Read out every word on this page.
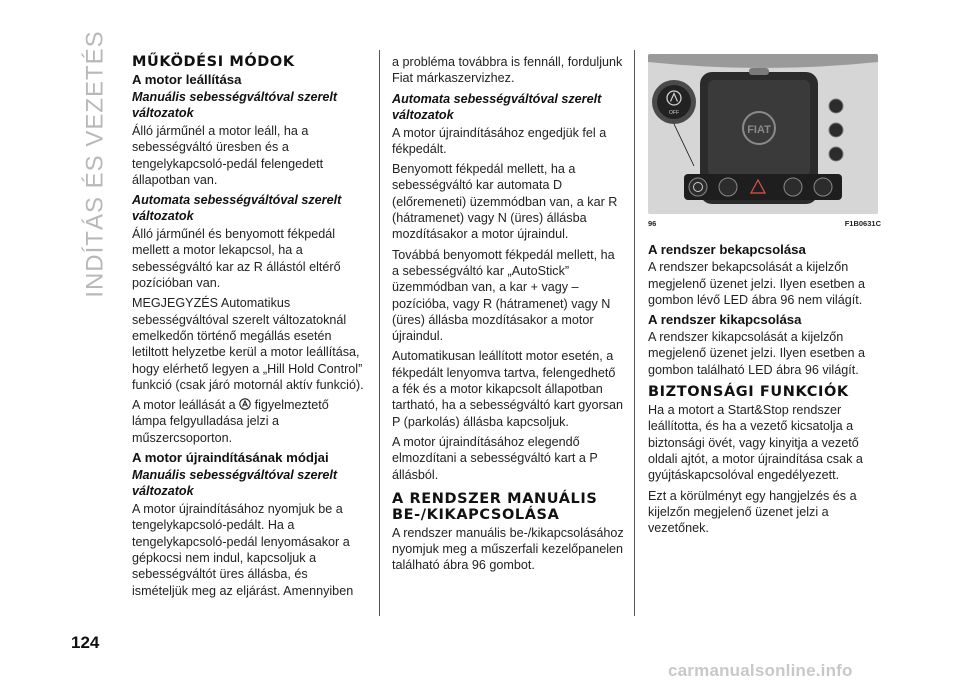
INDÍTÁS ÉS VEZETÉS MŰKÖDÉSI MÓDOK
A motor leállítása
Manuális sebességváltóval szerelt változatok

Álló járműnél a motor leáll, ha a sebességváltó üresben és a tengelykapcsoló-pedál felengedett állapotban van.

Automata sebességváltóval szerelt változatok

Álló járműnél és benyomott fékpedál mellett a motor lekapcsol, ha a sebességváltó kar az R állástól eltérő pozícióban van.

MEGJEGYZÉS Automatikus sebességváltóval szerelt változatoknál emelkedőn történő megállás esetén letiltott helyzetbe kerül a motor leállítása, hogy elérhető legyen a „Hill Hold Control” funkció (csak járó motornál aktív funkció).

A motor leállását a  figyelmeztető lámpa felgyulladása jelzi a műszercsoporton.

A motor újraindításának módjai
Manuális sebességváltóval szerelt változatok

A motor újraindításához nyomjuk be a tengelykapcsoló-pedált. Ha a tengelykapcsoló-pedál lenyomásakor a gépkocsi nem indul, kapcsoljuk a sebességváltót üres állásba, és ismételjük meg az eljárást. Amennyiben

a probléma továbbra is fennáll, forduljunk Fiat márkaszervizhez.

Automata sebességváltóval szerelt változatok

A motor újraindításához engedjük fel a fékpedált.

Benyomott fékpedál mellett, ha a sebességváltó kar automata D (előremeneti) üzemmódban van, a kar R (hátramenet) vagy N (üres) állásba mozdításakor a motor újraindul.

Továbbá benyomott fékpedál mellett, ha a sebességváltó kar „AutoStick” üzemmódban van, a kar + vagy – pozícióba, vagy R (hátramenet) vagy N (üres) állásba mozdításakor a motor újraindul.

Automatikusan leállított motor esetén, a fékpedált lenyomva tartva, felengedhető a fék és a motor kikapcsolt állapotban tartható, ha a sebességváltó kart gyorsan P (parkolás) állásba kapcsoljuk.

A motor újraindításához elegendő elmozdítani a sebességváltó kart a P állásból.

A RENDSZER MANUÁLIS BE-/KIKAPCSOLÁSA

A rendszer manuális be-/kikapcsolásához nyomjuk meg a műszerfali kezelőpanelen található ábra 96 gombot.

FIAT
OFF
96	F1B0631C
A rendszer bekapcsolása

A rendszer bekapcsolását a kijelzőn megjelenő üzenet jelzi. Ilyen esetben a gombon lévő LED ábra 96 nem világít.

A rendszer kikapcsolása

A rendszer kikapcsolását a kijelzőn megjelenő üzenet jelzi. Ilyen esetben a gombon található LED ábra 96 világít.

BIZTONSÁGI FUNKCIÓK

Ha a motort a Start&Stop rendszer leállította, és ha a vezető kicsatolja a biztonsági övét, vagy kinyitja a vezető oldali ajtót, a motor újraindítása csak a gyújtáskapcsolóval engedélyezett.

Ezt a körülményt egy hangjelzés és a kijelzőn megjelenő üzenet jelzi a vezetőnek.

124
carmanualsonline.info
